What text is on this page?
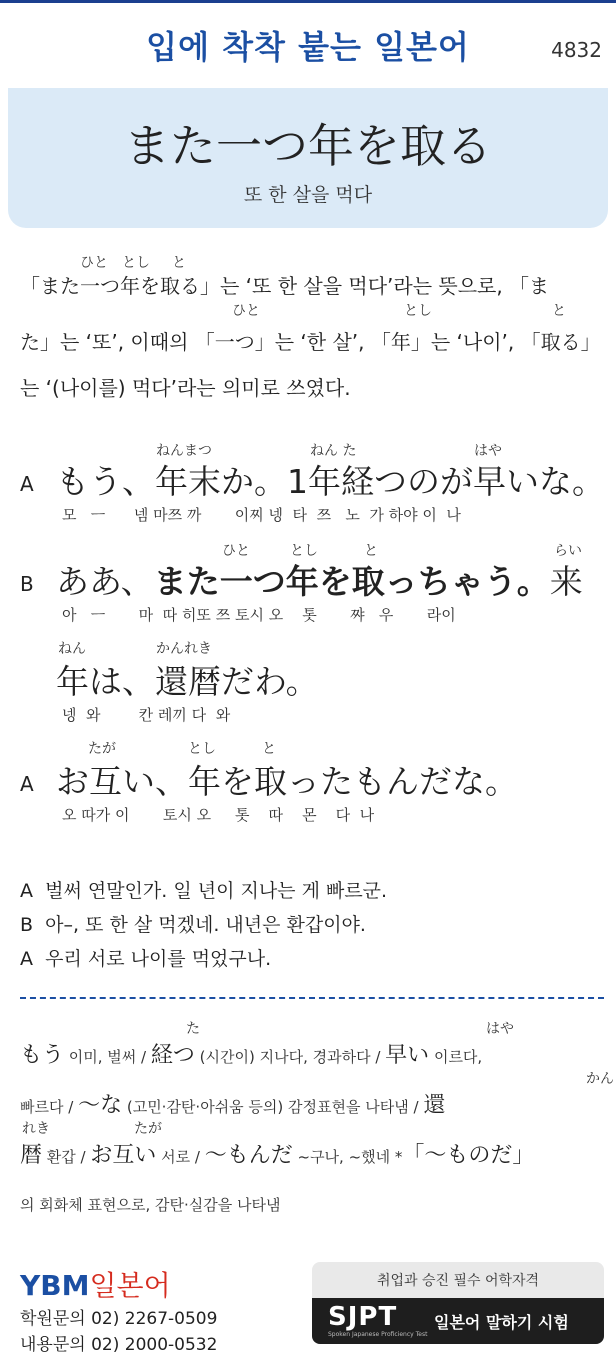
입에 착착 붙는 일본어	4832
また一つ年を取る
또 한 살을 먹다
ひと とし と
「また一つ年を取る」는 ‘또 한 살을 먹다’라는 뜻으로, 「ま
ひと	とし	と
た」는 ‘또’, 이때의 「一つ」는 ‘한 살’, 「年」는 ‘나이’, 「取る」
는 ‘(나이를) 먹다’라는 의미로 쓰였다.
ねんまつ	ねん た	はや
A もう、年末か。1年経つのが早いな。
모   ㅡ      넴 마쯔 까       이찌 넹  타  쯔   노  가 하야 이  나
ひと	とし	と	らい
B ああ、また一つ年を取っちゃう。来
아   ㅡ       마  따 히또 쯔 토시 오    톳       쨔   우       라이
ねん	かんれき
年は、還暦だわ。
넹  와        칸 레끼 다  와
たが	とし	と
A お互い、年を取ったもんだな。
오 따가 이       토시 오     톳    따    몬    다  나
A 벌써 연말인가. 일 년이 지나는 게 빠르군.
B 아–, 또 한 살 먹겠네. 내년은 환갑이야.
A 우리 서로 나이를 먹었구나.
た	はや
もう 이미, 벌써 / 経つ (시간이) 지나다, 경과하다 / 早い 이르다,
かん
빠르다 / 〜な (고민·감탄·아쉬움 등의) 감정표현을 나타냄 / 還
れき	たが
暦 환갑 / お互い 서로 / 〜もんだ ~구나, ~했네 *「〜ものだ」
의 회화체 표현으로, 감탄·실감을 나타냄
YBM일본어
학원문의 02) 2267-0509
내용문의 02) 2000-0532
취업과 승진 필수 어학자격
SJPT
Spoken Japanese Proficiency Test
일본어 말하기 시험
